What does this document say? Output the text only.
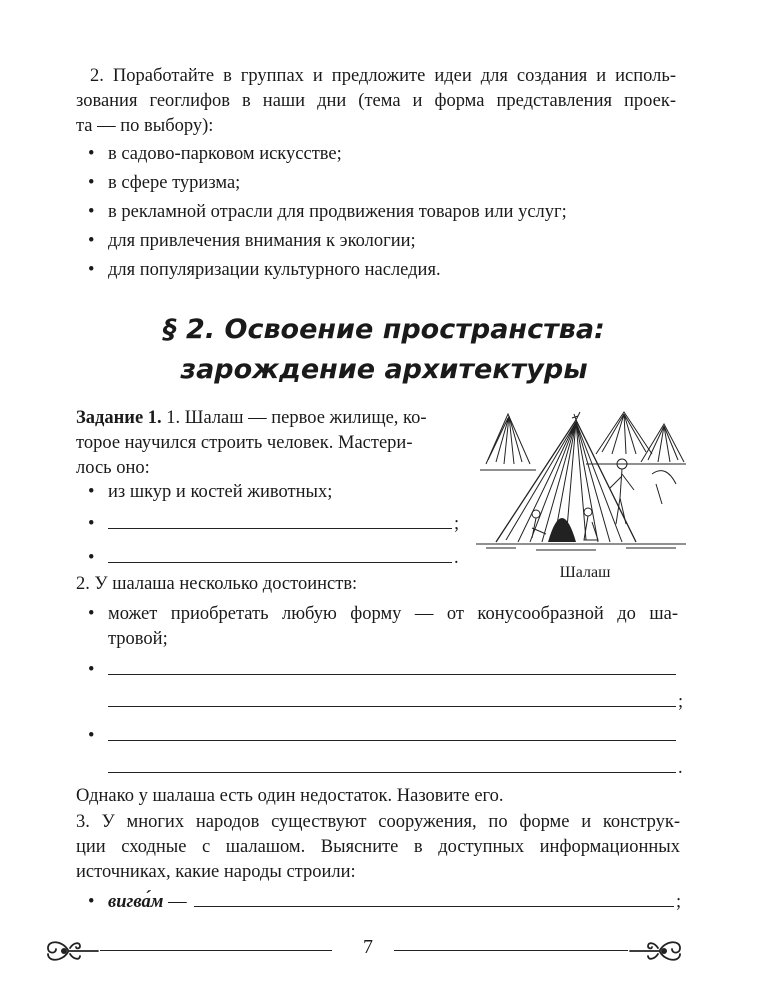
2. Поработайте в группах и предложите идеи для создания и исполь-
зования геоглифов в наши дни (тема и форма представления проек-
та — по выбору):
• в садово-парковом искусстве;
• в сфере туризма;
• в рекламной отрасли для продвижения товаров или услуг;
• для привлечения внимания к экологии;
• для популяризации культурного наследия.
§ 2. Освоение пространства:
зарождение архитектуры
Задание 1. 1. Шалаш — первое жилище, ко-
торое научился строить человек. Мастери-
лось оно:
• из шкур и костей животных;
•	;
•	.
Шалаш
2. У шалаша несколько достоинств:
• может приобретать любую форму — от конусообразной до ша-
тровой;
•
;
•
.
Однако у шалаша есть один недостаток. Назовите его.
3. У многих народов существуют сооружения, по форме и конструк-
ции сходные с шалашом. Выясните в доступных информационных
источниках, какие народы строили:
• вигва́м —	;
7
